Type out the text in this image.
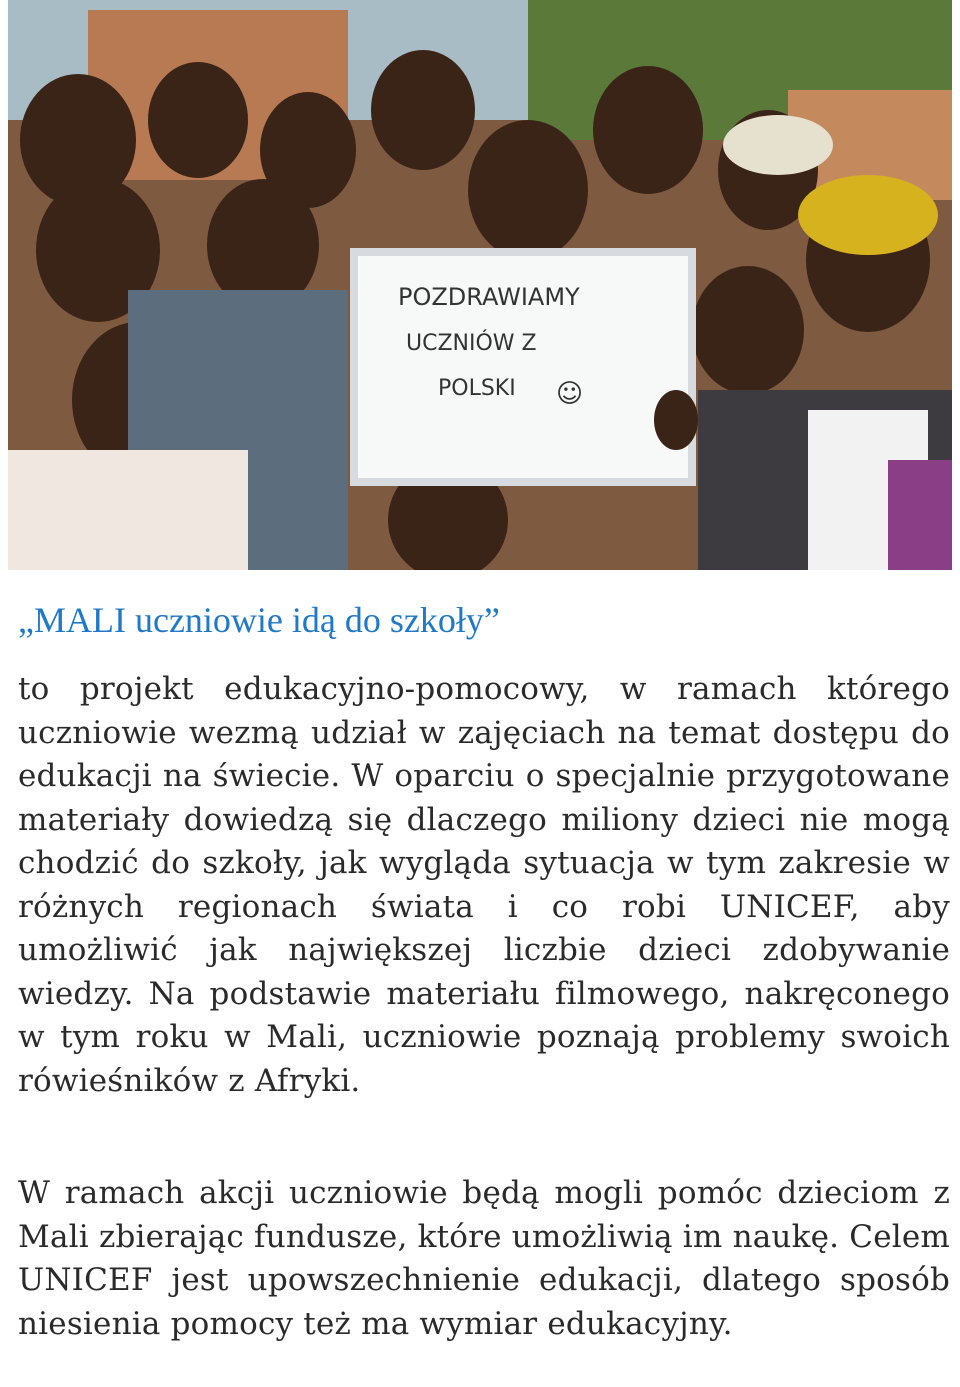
POZDRAWIAMY
UCZNIÓW Z
POLSKI ☺
„MALI uczniowie idą do szkoły”

to projekt edukacyjno-pomocowy, w ramach którego uczniowie wezmą udział w zajęciach na temat dostępu do edukacji na świecie. W oparciu o specjalnie przygotowane materiały dowiedzą się dlaczego miliony dzieci nie mogą chodzić do szkoły, jak wygląda sytuacja w tym zakresie w różnych regionach świata i co robi UNICEF, aby umożliwić jak największej liczbie dzieci zdobywanie wiedzy. Na podstawie materiału filmowego, nakręconego w tym roku w Mali, uczniowie poznają problemy swoich rówieśników z Afryki.

W ramach akcji uczniowie będą mogli pomóc dzieciom z Mali zbierając fundusze, które umożliwią im naukę. Celem UNICEF jest upowszechnienie edukacji, dlatego sposób niesienia pomocy też ma wymiar edukacyjny.
